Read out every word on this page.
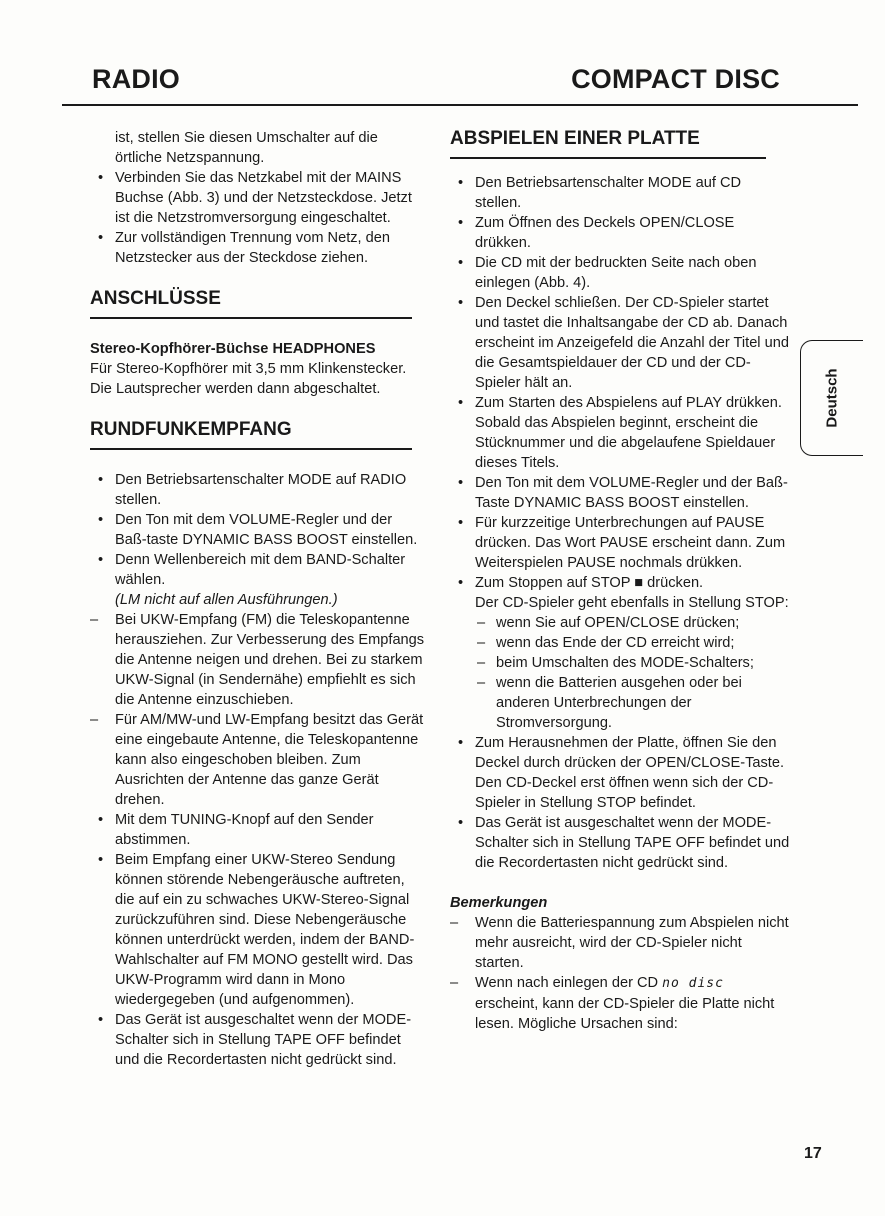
RADIO	COMPACT DISC

ist, stellen Sie diesen Umschalter auf die örtliche Netzspannung.

• Verbinden Sie das Netzkabel mit der MAINS Buchse (Abb. 3) und der Netzsteckdose. Jetzt ist die Netzstromversorgung eingeschaltet.

• Zur vollständigen Trennung vom Netz, den Netzstecker aus der Steckdose ziehen.

ANSCHLÜSSE

Stereo-Kopfhörer-Büchse HEADPHONES

Für Stereo-Kopfhörer mit 3,5 mm Klinkenstecker. Die Lautsprecher werden dann abgeschaltet.

RUNDFUNKEMPFANG

• Den Betriebsartenschalter MODE auf RADIO stellen.

• Den Ton mit dem VOLUME-Regler und der Baß-taste DYNAMIC BASS BOOST einstellen.

• Denn Wellenbereich mit dem BAND-Schalter wählen.

(LM nicht auf allen Ausführungen.)

– Bei UKW-Empfang (FM) die Teleskopantenne herausziehen. Zur Verbesserung des Empfangs die Antenne neigen und drehen. Bei zu starkem UKW-Signal (in Sendernähe) empfiehlt es sich die Antenne einzuschieben.

– Für AM/MW-und LW-Empfang besitzt das Gerät eine eingebaute Antenne, die Teleskopantenne kann also eingeschoben bleiben. Zum Ausrichten der Antenne das ganze Gerät drehen.

• Mit dem TUNING-Knopf auf den Sender abstimmen.

• Beim Empfang einer UKW-Stereo Sendung können störende Nebengeräusche auftreten, die auf ein zu schwaches UKW-Stereo-Signal zurückzuführen sind. Diese Nebengeräusche können unterdrückt werden, indem der BAND-Wahlschalter auf FM MONO gestellt wird. Das UKW-Programm wird dann in Mono wiedergegeben (und aufgenommen).

• Das Gerät ist ausgeschaltet wenn der MODE-Schalter sich in Stellung TAPE OFF befindet und die Recordertasten nicht gedrückt sind.

ABSPIELEN EINER PLATTE

• Den Betriebsartenschalter MODE auf CD stellen.

• Zum Öffnen des Deckels OPEN/CLOSE drükken.

• Die CD mit der bedruckten Seite nach oben einlegen (Abb. 4).

• Den Deckel schließen. Der CD-Spieler startet und tastet die Inhaltsangabe der CD ab. Danach erscheint im Anzeigefeld die Anzahl der Titel und die Gesamtspieldauer der CD und der CD-Spieler hält an.

• Zum Starten des Abspielens auf PLAY drükken. Sobald das Abspielen beginnt, erscheint die Stücknummer und die abgelaufene Spieldauer dieses Titels.

• Den Ton mit dem VOLUME-Regler und der Baß-Taste DYNAMIC BASS BOOST einstellen.

• Für kurzzeitige Unterbrechungen auf PAUSE drücken. Das Wort PAUSE erscheint dann. Zum Weiterspielen PAUSE nochmals drükken.

• Zum Stoppen auf STOP ■ drücken.

Der CD-Spieler geht ebenfalls in Stellung STOP:

– wenn Sie auf OPEN/CLOSE drücken;

– wenn das Ende der CD erreicht wird;

– beim Umschalten des MODE-Schalters;

– wenn die Batterien ausgehen oder bei anderen Unterbrechungen der Stromversorgung.

• Zum Herausnehmen der Platte, öffnen Sie den Deckel durch drücken der OPEN/CLOSE-Taste. Den CD-Deckel erst öffnen wenn sich der CD-Spieler in Stellung STOP befindet.

• Das Gerät ist ausgeschaltet wenn der MODE-Schalter sich in Stellung TAPE OFF befindet und die Recordertasten nicht gedrückt sind.

Bemerkungen

– Wenn die Batteriespannung zum Abspielen nicht mehr ausreicht, wird der CD-Spieler nicht starten.

– Wenn nach einlegen der CD no disc erscheint, kann der CD-Spieler die Platte nicht lesen. Mögliche Ursachen sind:

Deutsch
17
